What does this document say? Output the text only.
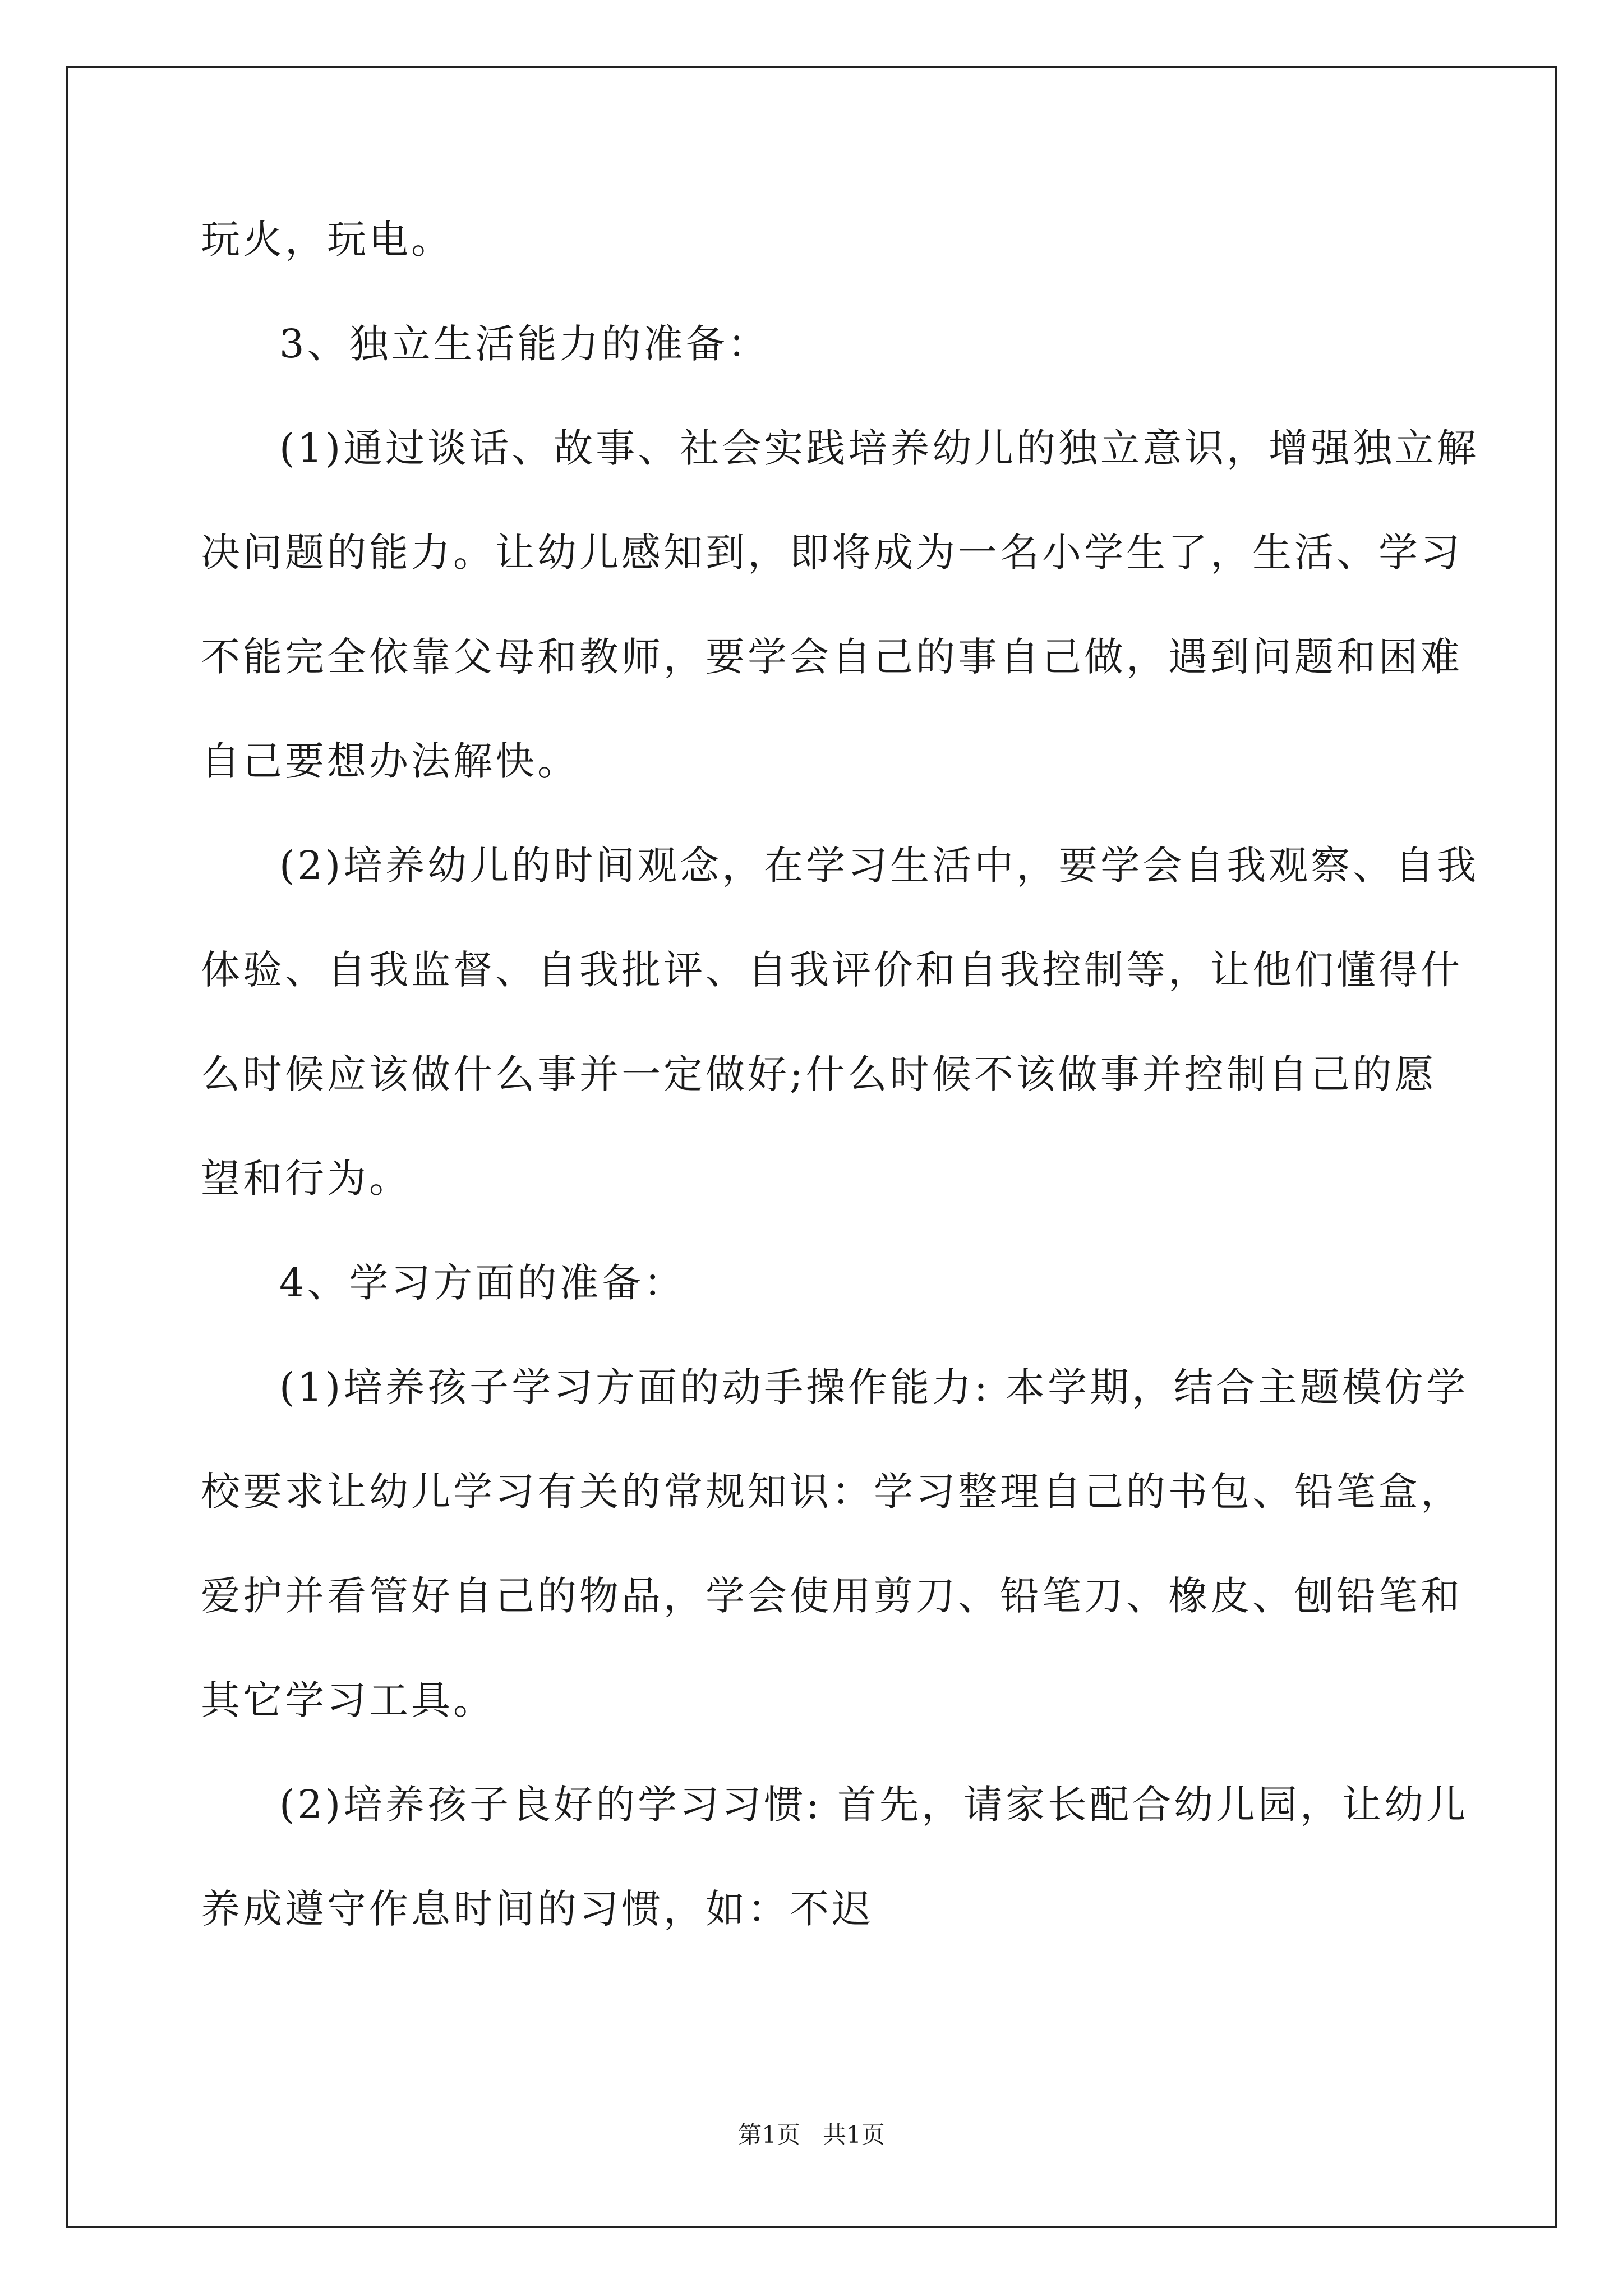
玩火，玩电。
3、独立生活能力的准备：
(1)通过谈话、故事、社会实践培养幼儿的独立意识，增强独立解
决问题的能力。让幼儿感知到，即将成为一名小学生了，生活、学习
不能完全依靠父母和教师，要学会自己的事自己做，遇到问题和困难
自己要想办法解快。
(2)培养幼儿的时间观念，在学习生活中，要学会自我观察、自我
体验、自我监督、自我批评、自我评价和自我控制等，让他们懂得什
么时候应该做什么事并一定做好;什么时候不该做事并控制自己的愿
望和行为。
4、学习方面的准备：
(1)培养孩子学习方面的动手操作能力: 本学期，结合主题模仿学
校要求让幼儿学习有关的常规知识：学习整理自己的书包、铅笔盒，
爱护并看管好自己的物品，学会使用剪刀、铅笔刀、橡皮、刨铅笔和
其它学习工具。
(2)培养孩子良好的学习习惯: 首先，请家长配合幼儿园，让幼儿
养成遵守作息时间的习惯，如：不迟
第1页   共1页
